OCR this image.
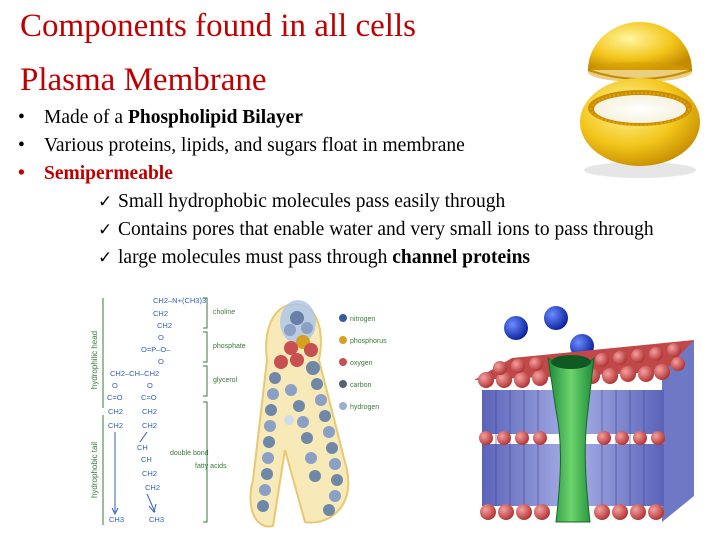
Components found in all cells
Plasma Membrane
• Made of a Phospholipid Bilayer
• Various proteins, lipids, and sugars float in membrane
• Semipermeable
✓ Small hydrophobic molecules pass easily through
✓ Contains pores that enable water and very small ions to pass through
✓ large molecules must pass through channel proteins
hydrophilic head
hydrophobic tail
CH2–N+(CH3)3
CH2
CH2
O
O=P–O–
O
CH2–CH–CH2
O	O
C=O C=O
CH2	CH2
CH2	CH2
CH
CH
CH2
CH2
CH3	CH3
choline
phosphate
glycerol
fatty acids
double bond
nitrogen
phosphorus
oxygen
carbon
hydrogen
